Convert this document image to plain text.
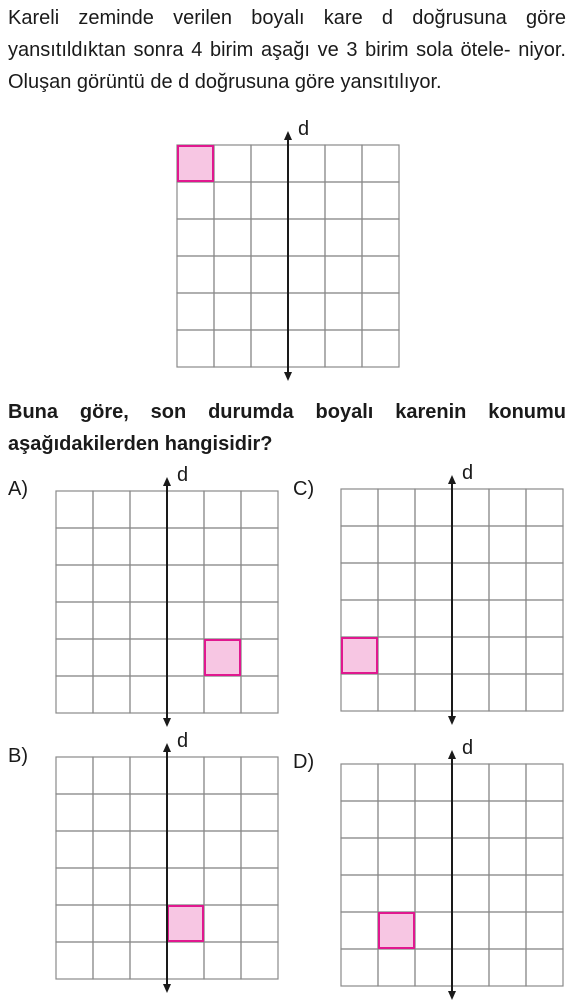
Kareli zeminde verilen boyalı kare d doğrusuna göre yansıtıldıktan sonra 4 birim aşağı ve 3 birim sola ötele- niyor. Oluşan görüntü de d doğrusuna göre yansıtılıyor.

Buna göre, son durumda boyalı karenin konumu aşağıdakilerden hangisidir?

A)	C)
B)	D)
d
d	d
d	d
